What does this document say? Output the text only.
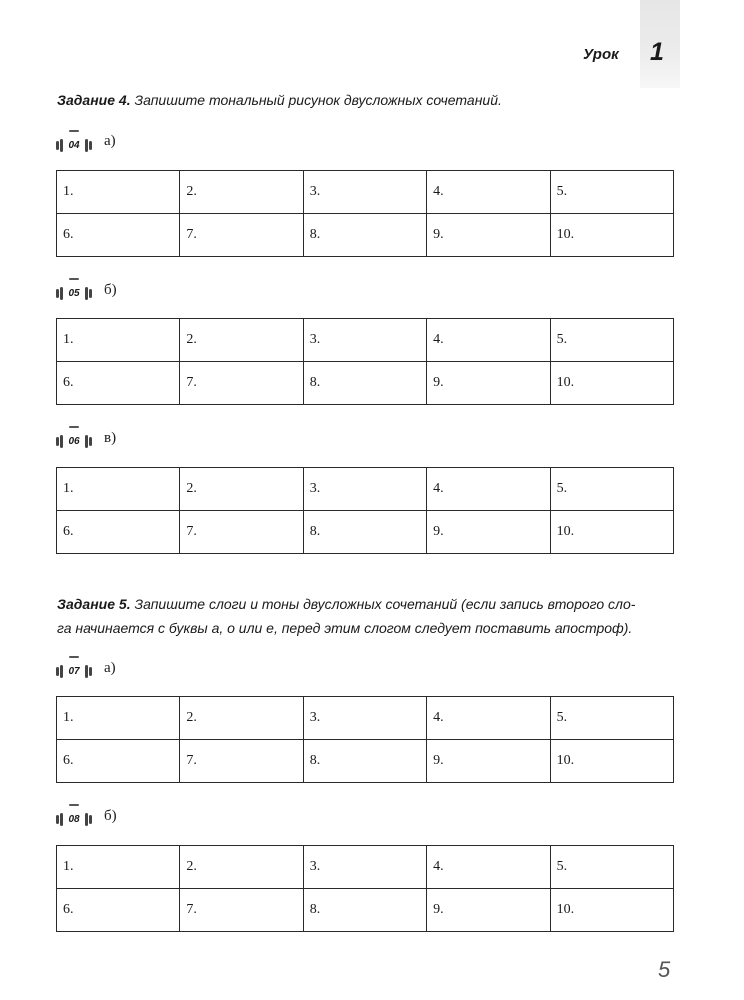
Урок 1
Задание 4. Запишите тональный рисунок двусложных сочетаний.
04 а)
1.	2.	3.	4.	5.
6.	7.	8.	9.	10.
05 б)
1.	2.	3.	4.	5.
6.	7.	8.	9.	10.
06 в)
1.	2.	3.	4.	5.
6.	7.	8.	9.	10.
Задание 5. Запишите слоги и тоны двусложных сочетаний (если запись второго сло-
га начинается с буквы а, о или е, перед этим слогом следует поставить апостроф).
07 а)
1.	2.	3.	4.	5.
6.	7.	8.	9.	10.
08 б)
1.	2.	3.	4.	5.
6.	7.	8.	9.	10.
5
